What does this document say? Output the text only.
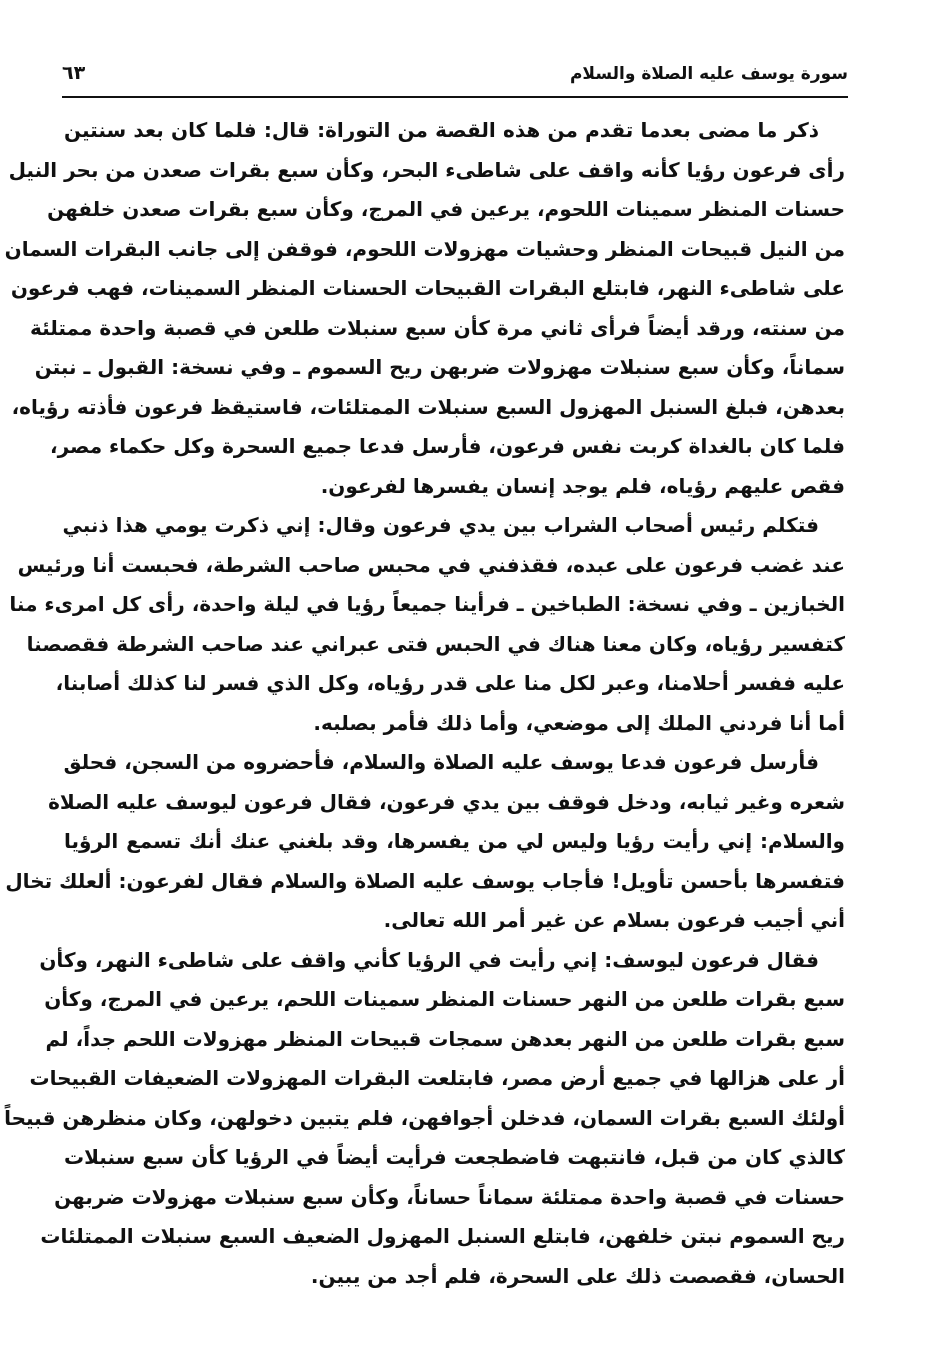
سورة يوسف عليه الصلاة والسلام
٦٣
ذكر ما مضى بعدما تقدم من هذه القصة من التوراة: قال: فلما كان بعد سنتين
رأى فرعون رؤيا كأنه واقف على شاطىء البحر، وكأن سبع بقرات صعدن من بحر النيل
حسنات المنظر سمينات اللحوم، يرعين في المرج، وكأن سبع بقرات صعدن خلفهن
من النيل قبيحات المنظر وحشيات مهزولات اللحوم، فوقفن إلى جانب البقرات السمان
على شاطىء النهر، فابتلع البقرات القبيحات الحسنات المنظر السمينات، فهب فرعون
من سنته، ورقد أيضاً فرأى ثاني مرة كأن سبع سنبلات طلعن في قصبة واحدة ممتلئة
سماناً، وكأن سبع سنبلات مهزولات ضربهن ريح السموم ـ وفي نسخة: القبول ـ نبتن
بعدهن، فبلغ السنبل المهزول السبع سنبلات الممتلئات، فاستيقظ فرعون فأذته رؤياه،
فلما كان بالغداة كربت نفس فرعون، فأرسل فدعا جميع السحرة وكل حكماء مصر،
فقص عليهم رؤياه، فلم يوجد إنسان يفسرها لفرعون.
فتكلم رئيس أصحاب الشراب بين يدي فرعون وقال: إني ذكرت يومي هذا ذنبي
عند غضب فرعون على عبده، فقذفني في محبس صاحب الشرطة، فحبست أنا ورئيس
الخبازين ـ وفي نسخة: الطباخين ـ فرأينا جميعاً رؤيا في ليلة واحدة، رأى كل امرىء منا
كتفسير رؤياه، وكان معنا هناك في الحبس فتى عبراني عند صاحب الشرطة فقصصنا
عليه ففسر أحلامنا، وعبر لكل منا على قدر رؤياه، وكل الذي فسر لنا كذلك أصابنا،
أما أنا فردني الملك إلى موضعي، وأما ذلك فأمر بصلبه.
فأرسل فرعون فدعا يوسف عليه الصلاة والسلام، فأحضروه من السجن، فحلق
شعره وغير ثيابه، ودخل فوقف بين يدي فرعون، فقال فرعون ليوسف عليه الصلاة
والسلام: إني رأيت رؤيا وليس لي من يفسرها، وقد بلغني عنك أنك تسمع الرؤيا
فتفسرها بأحسن تأويل! فأجاب يوسف عليه الصلاة والسلام فقال لفرعون: ألعلك تخال
أني أجيب فرعون بسلام عن غير أمر الله تعالى.
فقال فرعون ليوسف: إني رأيت في الرؤيا كأني واقف على شاطىء النهر، وكأن
سبع بقرات طلعن من النهر حسنات المنظر سمينات اللحم، يرعين في المرج، وكأن
سبع بقرات طلعن من النهر بعدهن سمجات قبيحات المنظر مهزولات اللحم جداً، لم
أر على هزالها في جميع أرض مصر، فابتلعت البقرات المهزولات الضعيفات القبيحات
أولئك السبع بقرات السمان، فدخلن أجوافهن، فلم يتبين دخولهن، وكان منظرهن قبيحاً
كالذي كان من قبل، فانتبهت فاضطجعت فرأيت أيضاً في الرؤيا كأن سبع سنبلات
حسنات في قصبة واحدة ممتلئة سماناً حساناً، وكأن سبع سنبلات مهزولات ضربهن
ريح السموم نبتن خلفهن، فابتلع السنبل المهزول الضعيف السبع سنبلات الممتلئات
الحسان، فقصصت ذلك على السحرة، فلم أجد من يبين.
